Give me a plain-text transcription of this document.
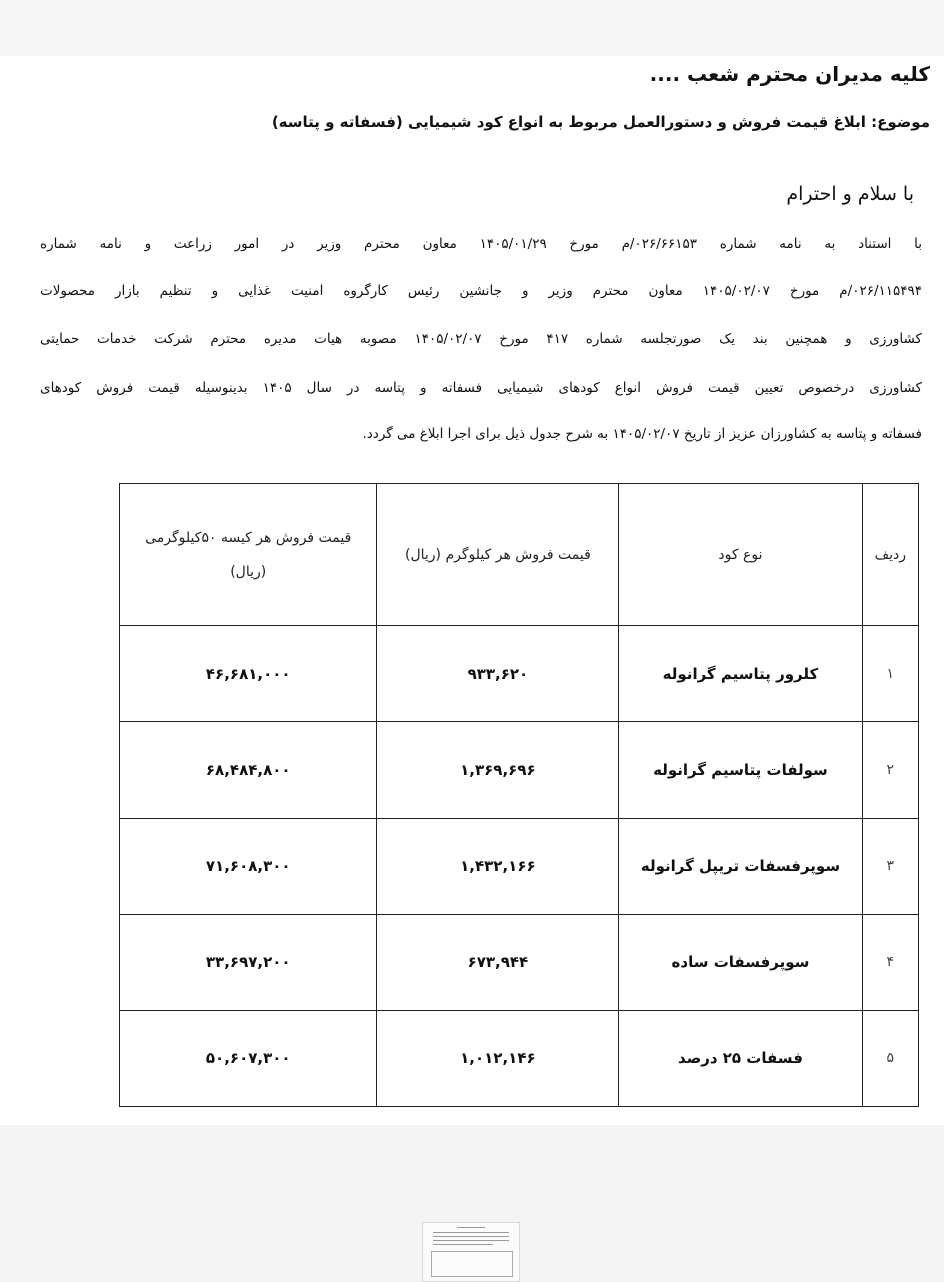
کلیه مدیران محترم شعب ....
موضوع: ابلاغ قیمت فروش و دستورالعمل مربوط به انواع کود شیمیایی (فسفاته و پتاسه)
با سلام و احترام
با استناد به نامه شماره ۰۲۶/۶۶۱۵۳/م مورخ ۱۴۰۵/۰۱/۲۹ معاون محترم وزیر در امور زراعت و نامه شماره
۰۲۶/۱۱۵۴۹۴/م مورخ ۱۴۰۵/۰۲/۰۷ معاون محترم وزیر و جانشین رئیس کارگروه امنیت غذایی و تنظیم بازار محصولات
کشاورزی و همچنین بند یک صورتجلسه شماره ۴۱۷ مورخ ۱۴۰۵/۰۲/۰۷ مصوبه هیات مدیره محترم شرکت خدمات حمایتی
کشاورزی درخصوص تعیین قیمت فروش انواع کودهای شیمیایی فسفاته و پتاسه در سال ۱۴۰۵ بدینوسیله قیمت فروش کودهای
فسفاته و پتاسه به کشاورزان عزیز از تاریخ ۱۴۰۵/۰۲/۰۷ به شرح جدول ذیل برای اجرا ابلاغ می گردد.
ردیف	نوع کود	قیمت فروش هر کیلوگرم (ریال)	قیمت فروش هر کیسه ۵۰کیلوگرمی (ریال)
۱	کلرور پتاسیم گرانوله	۹۳۳,۶۲۰	۴۶,۶۸۱,۰۰۰
۲	سولفات پتاسیم گرانوله	۱,۳۶۹,۶۹۶	۶۸,۴۸۴,۸۰۰
۳	سوپرفسفات تریپل گرانوله	۱,۴۳۲,۱۶۶	۷۱,۶۰۸,۳۰۰
۴	سوپرفسفات ساده	۶۷۳,۹۴۴	۳۳,۶۹۷,۲۰۰
۵	فسفات ۲۵ درصد	۱,۰۱۲,۱۴۶	۵۰,۶۰۷,۳۰۰
